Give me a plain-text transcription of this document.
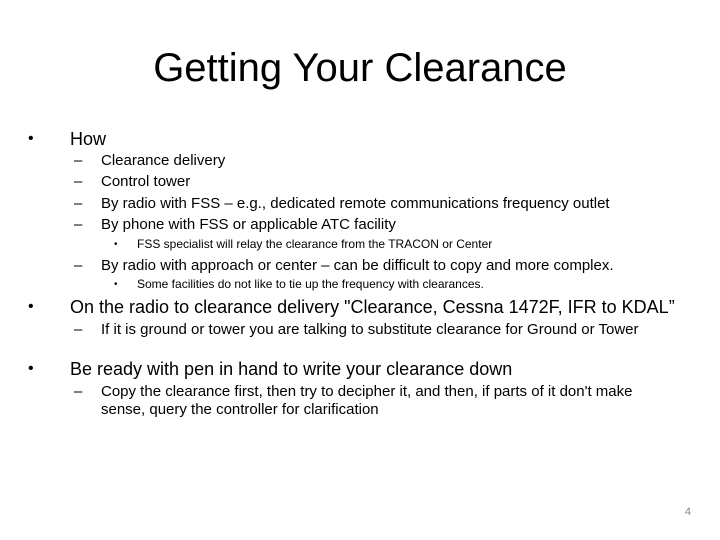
Getting Your Clearance
•	How
–	Clearance delivery
–	Control tower
–	By radio with FSS – e.g., dedicated remote communications frequency outlet
–	By phone with FSS or applicable ATC facility
•	FSS specialist will relay the clearance from the TRACON or Center
–	By radio with approach or center – can be difficult to copy and more complex.
•	Some facilities do not like to tie up the frequency with clearances.
•	On the radio to clearance delivery "Clearance, Cessna 1472F, IFR to KDAL”
–	If it is ground or tower you are talking to substitute clearance for Ground or Tower
•	Be ready with pen in hand to write your clearance down
–	Copy the clearance first, then try to decipher it, and then, if parts of it don't make sense, query the controller for clarification
4
